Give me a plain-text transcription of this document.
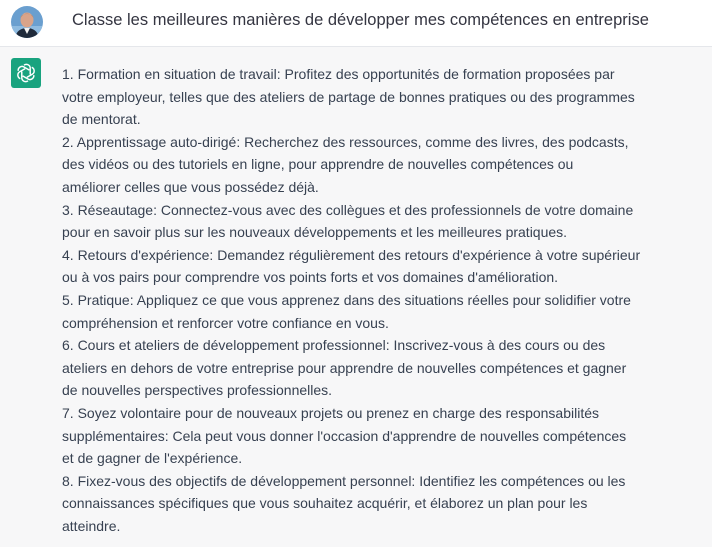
Classe les meilleures manières de développer mes compétences en entreprise
1. Formation en situation de travail: Profitez des opportunités de formation proposées par
votre employeur, telles que des ateliers de partage de bonnes pratiques ou des programmes
de mentorat.
2. Apprentissage auto-dirigé: Recherchez des ressources, comme des livres, des podcasts,
des vidéos ou des tutoriels en ligne, pour apprendre de nouvelles compétences ou
améliorer celles que vous possédez déjà.
3. Réseautage: Connectez-vous avec des collègues et des professionnels de votre domaine
pour en savoir plus sur les nouveaux développements et les meilleures pratiques.
4. Retours d'expérience: Demandez régulièrement des retours d'expérience à votre supérieur
ou à vos pairs pour comprendre vos points forts et vos domaines d'amélioration.
5. Pratique: Appliquez ce que vous apprenez dans des situations réelles pour solidifier votre
compréhension et renforcer votre confiance en vous.
6. Cours et ateliers de développement professionnel: Inscrivez-vous à des cours ou des
ateliers en dehors de votre entreprise pour apprendre de nouvelles compétences et gagner
de nouvelles perspectives professionnelles.
7. Soyez volontaire pour de nouveaux projets ou prenez en charge des responsabilités
supplémentaires: Cela peut vous donner l'occasion d'apprendre de nouvelles compétences
et de gagner de l'expérience.
8. Fixez-vous des objectifs de développement personnel: Identifiez les compétences ou les
connaissances spécifiques que vous souhaitez acquérir, et élaborez un plan pour les
atteindre.
